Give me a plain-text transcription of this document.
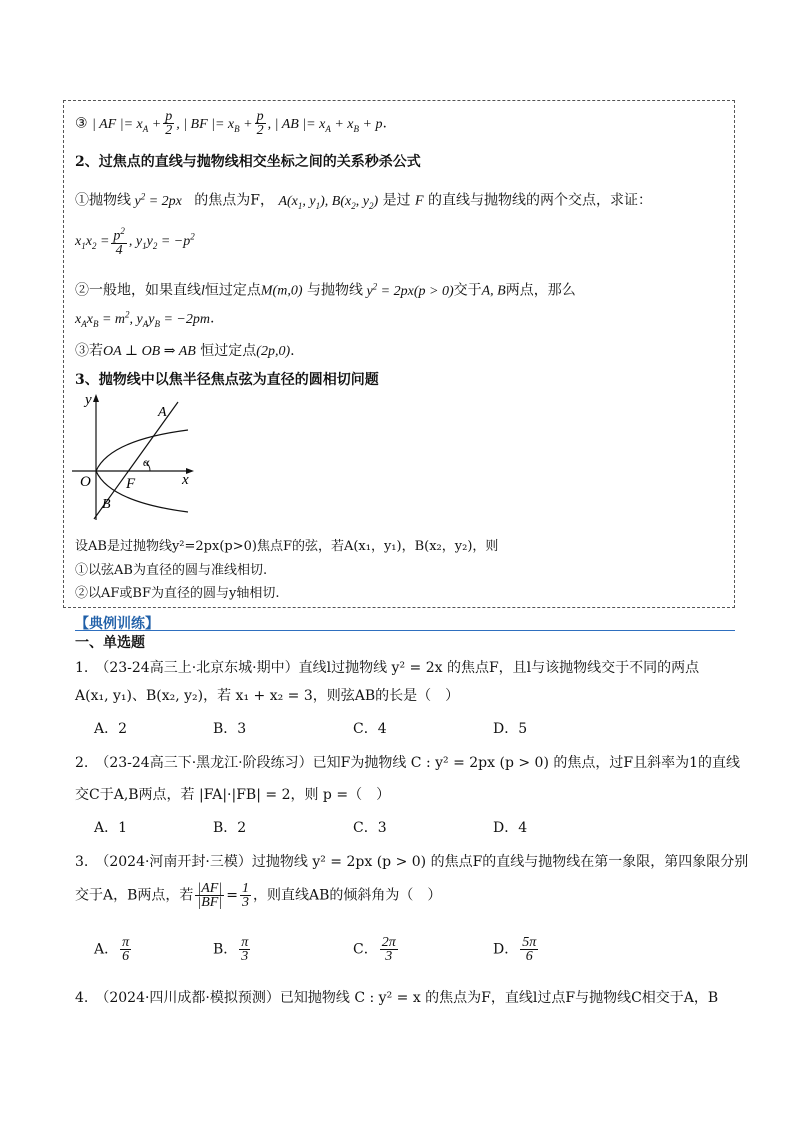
③ | AF |= $x_A + \frac{p}{2}$ , | BF |= $x_B + \frac{p}{2}$ , | AB |= $x_A + x_B + p$.
2、过焦点的直线与抛物线相交坐标之间的关系秒杀公式
①抛物线 $y^2 = 2px$   的焦点为F， $A(x_1$, $y_1$), $B(x_2$, $y_2$) 是过 F 的直线与抛物线的两个交点，求证：
$x_1x_2 = \frac{p^2}{4}$ , $y_1y_2 = -p^2$
②一般地，如果直线l恒过定点M(m,0) 与抛物线 $y^2 = 2px(p > 0)$交于A, B两点，那么
$x_Ax_B = m^2$, $y_Ay_B = -2pm$.
③若OA ⊥ OB ⇒ AB 恒过定点(2p,0).
3、抛物线中以焦半径焦点弦为直径的圆相切问题
y
x
O F
A
B
α
设AB是过抛物线y²=2px(p>0)焦点F的弦，若A(x₁，y₁)，B(x₂，y₂)，则
①以弦AB为直径的圆与准线相切.
②以AF或BF为直径的圆与y轴相切.
【典例训练】
一、单选题
1.　（23-24高三上·北京东城·期中）直线l过抛物线 y² = 2x 的焦点F，且l与该抛物线交于不同的两点
A(x₁, y₁)、B(x₂, y₂)，若 x₁ + x₂ = 3，则弦AB的长是（　）
A．2	B．3	C．4	D．5
2.　（23-24高三下·黑龙江·阶段练习）已知F为抛物线 C : y² = 2px (p > 0) 的焦点，过F且斜率为1的直线
交C于A,B两点，若 |FA|·|FB| = 2，则 p =（　）
A．1	B．2	C．3	D．4
3.　（2024·河南开封·三模）过抛物线 y² = 2px (p > 0) 的焦点F的直线与抛物线在第一象限，第四象限分别
交于A，B两点，若 $\frac{|AF|}{|BF|} = \frac{1}{3}$ ，则直线AB的倾斜角为（　）
A． $\frac{\pi}{6}$	B． $\frac{\pi}{3}$	C． $\frac{2\pi}{3}$	D． $\frac{5\pi}{6}$
4.　（2024·四川成都·模拟预测）已知抛物线 C : y² = x 的焦点为F，直线l过点F与抛物线C相交于A，B
